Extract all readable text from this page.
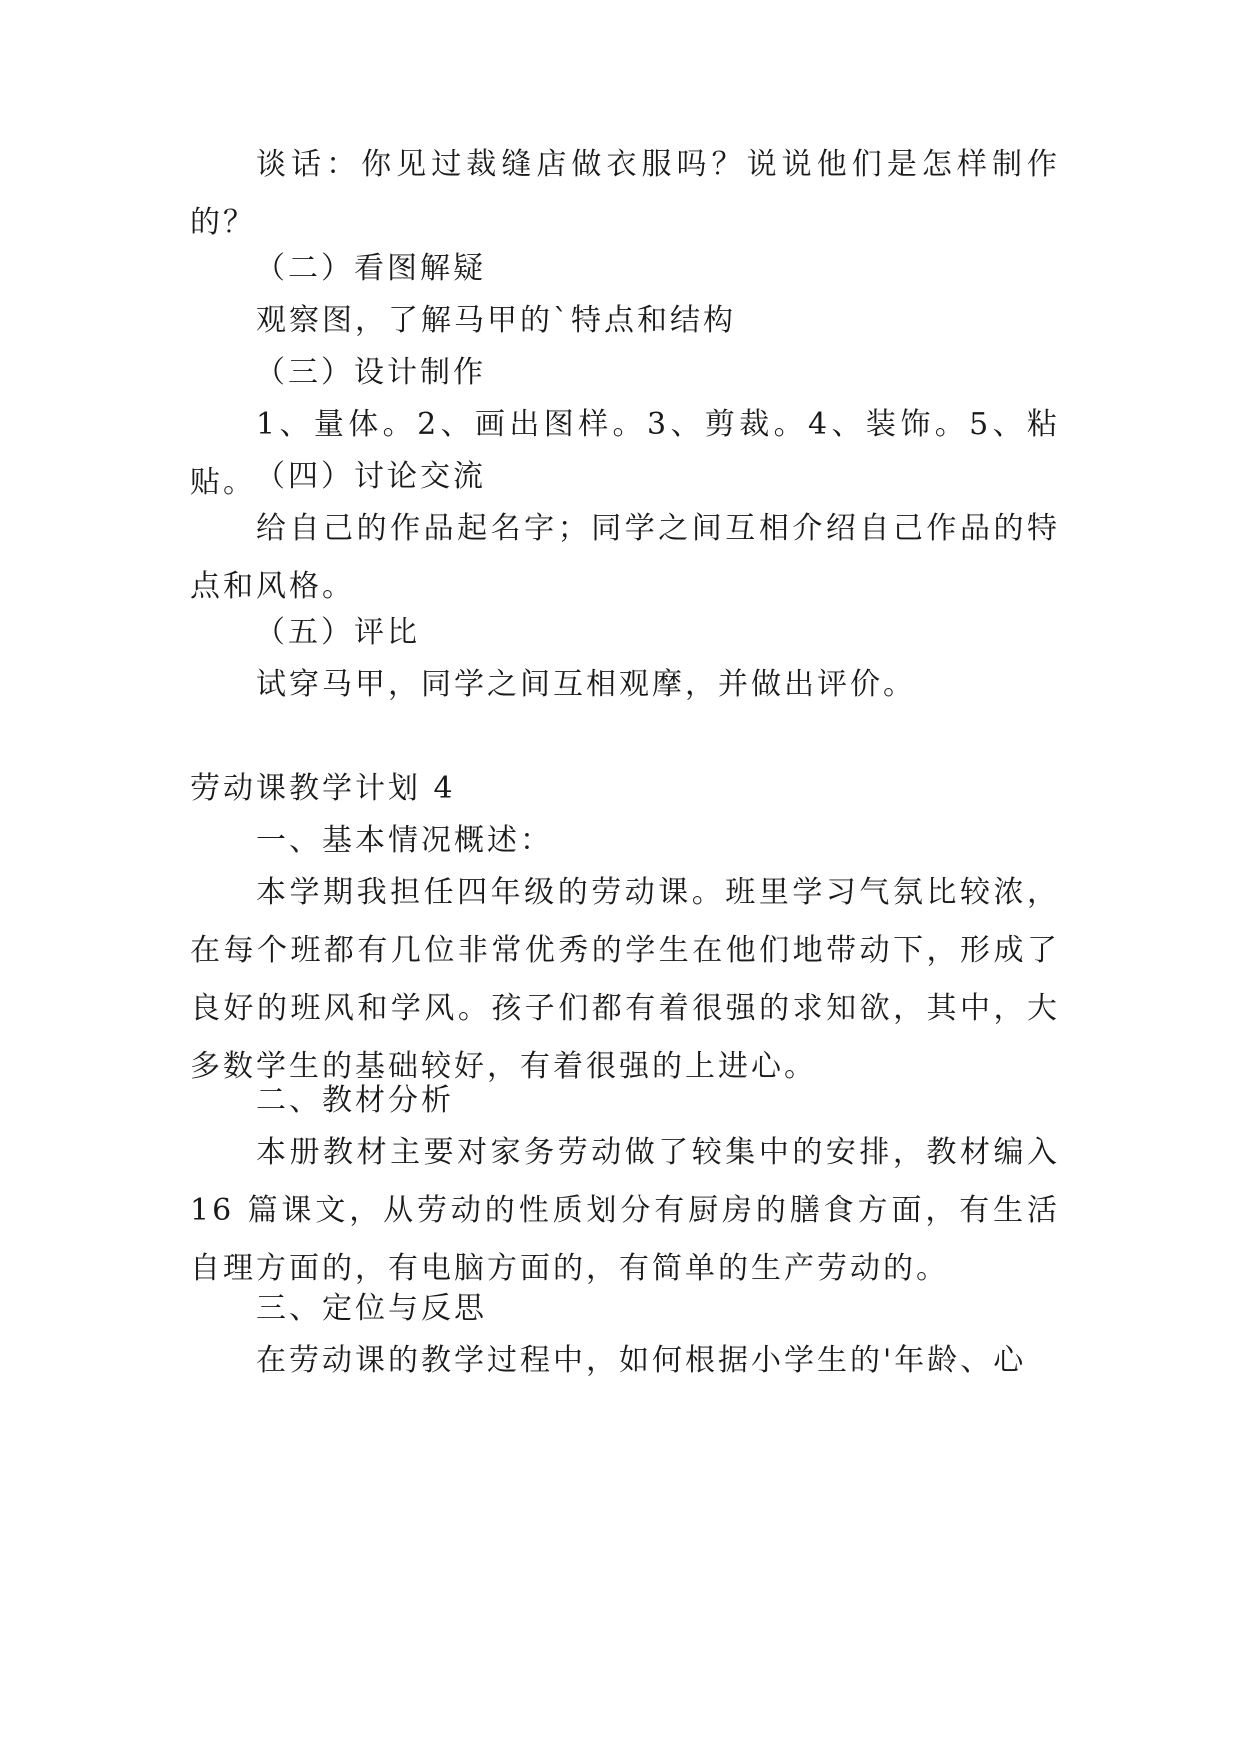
谈话：你见过裁缝店做衣服吗？说说他们是怎样制作的？

（二）看图解疑

观察图，了解马甲的`特点和结构

（三）设计制作

1、量体。2、画出图样。3、剪裁。4、装饰。5、粘贴。 （四）讨论交流

给自己的作品起名字；同学之间互相介绍自己作品的特点和风格。

（五）评比

试穿马甲，同学之间互相观摩，并做出评价。

劳动课教学计划 4

一、基本情况概述：

本学期我担任四年级的劳动课。班里学习气氛比较浓，在每个班都有几位非常优秀的学生在他们地带动下，形成了良好的班风和学风。孩子们都有着很强的求知欲，其中，大多数学生的基础较好，有着很强的上进心。

二、教材分析

本册教材主要对家务劳动做了较集中的安排，教材编入 16 篇课文，从劳动的性质划分有厨房的膳食方面，有生活自理方面的，有电脑方面的，有简单的生产劳动的。

三、定位与反思

在劳动课的教学过程中，如何根据小学生的'年龄、心
